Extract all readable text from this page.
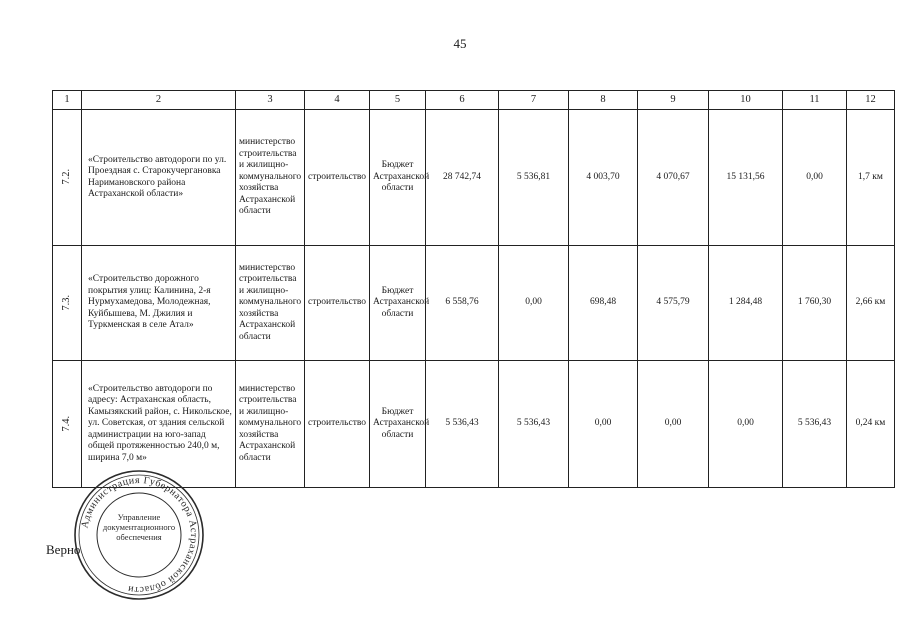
45
1	2	3	4	5	6	7	8	9	10	11	12
7.2.	«Строительство автодороги по ул. Проездная с. Старокучергановка Наримановского района Астраханской области»	министерство строительства и жилищно-коммунального хозяйства Астраханской области	строительство	Бюджет Астраханской области	28 742,74	5 536,81	4 003,70	4 070,67	15 131,56	0,00	1,7 км
7.3.	«Строительство дорожного покрытия улиц: Калинина, 2-я Нурмухамедова, Молодежная, Куйбышева, М. Джилия и Туркменская в селе Атал»	министерство строительства и жилищно-коммунального хозяйства Астраханской области	строительство	Бюджет Астраханской области	6 558,76	0,00	698,48	4 575,79	1 284,48	1 760,30	2,66 км
7.4.	«Строительство автодороги по адресу: Астраханская область, Камызякский район, с. Никольское, ул. Советская, от здания сельской администрации на юго-запад общей протяженностью 240,0 м, ширина 7,0 м»	министерство строительства и жилищно-коммунального хозяйства Астраханской области	строительство	Бюджет Астраханской области	5 536,43	5 536,43	0,00	0,00	0,00	5 536,43	0,24 км
Верно
Администрация Губернатора Астраханской области
Управление документационного обеспечения
